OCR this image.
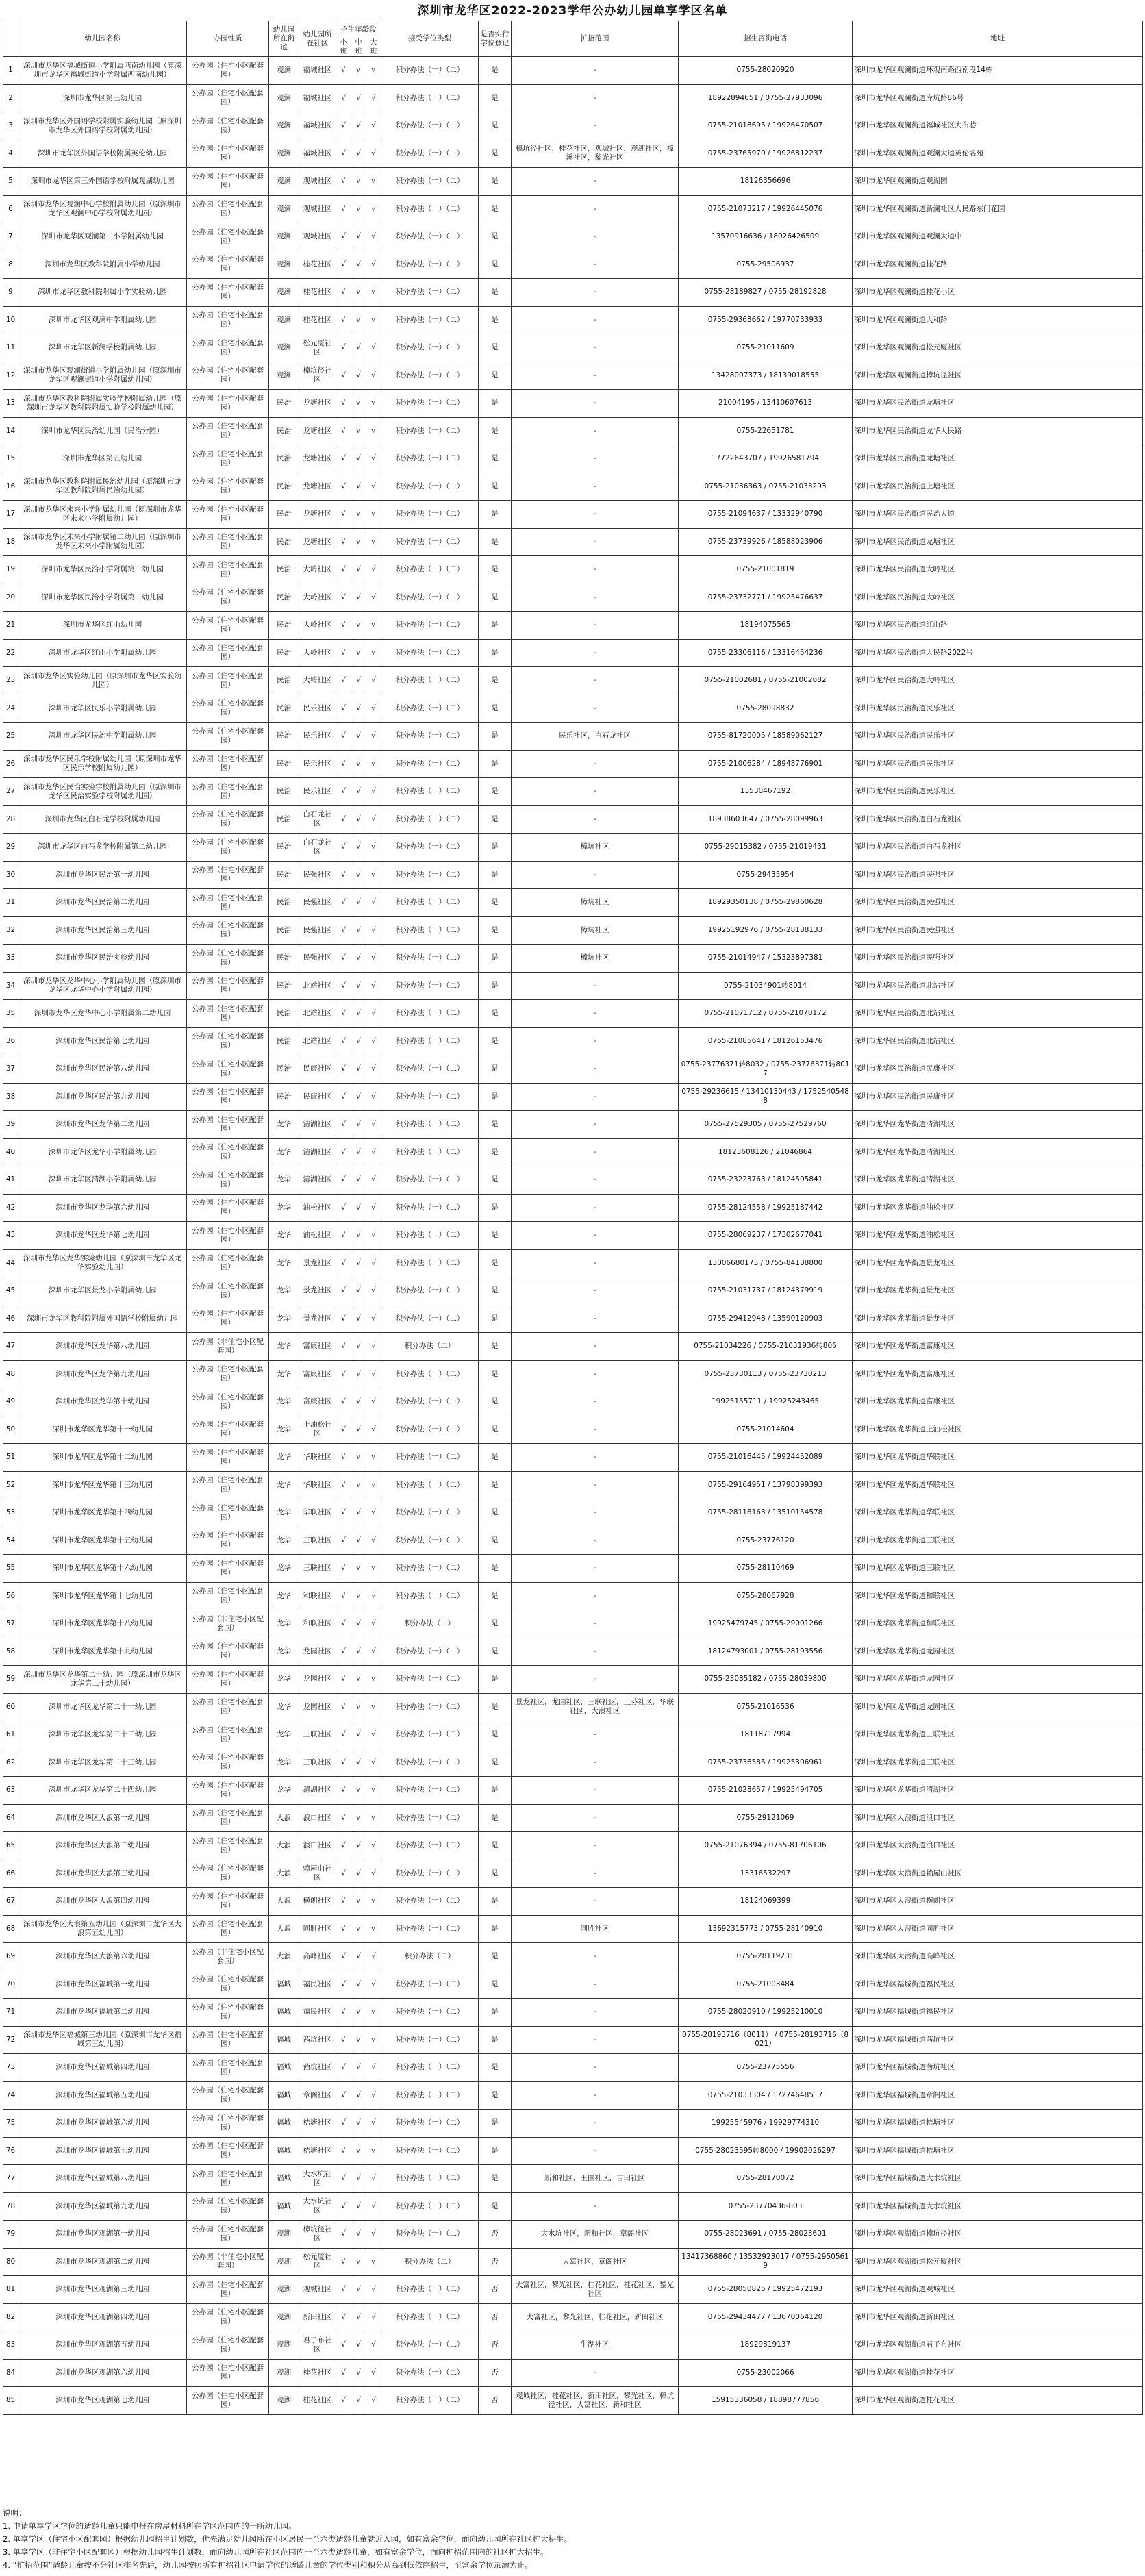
深圳市龙华区2022-2023学年公办幼儿园单享学区名单
	幼儿园名称	办园性质	幼儿园所在街道	幼儿园所在社区	招生年龄段			接受学位类型	是否实行学位登记	扩招范围	招生咨询电话	地址
					小班	中班	大班					
1	深圳市龙华区福城街道小学附属西南幼儿园（原深圳市龙华区福城街道小学附属西南幼儿园）	公办园（住宅小区配套园）	观澜	福城社区	√	√	√	积分办法（一）（二）	是	-	0755-28020920	深圳市龙华区观澜街道环观南路西南段14栋
2	深圳市龙华区第三幼儿园	公办园（住宅小区配套园）	观澜	福城社区	√	√	√	积分办法（一）（二）	是	-	18922894651 / 0755-27933096	深圳市龙华区观澜街道库坑路86号
3	深圳市龙华区外国语学校附属实验幼儿园（原深圳市龙华区外国语学校附属幼儿园）	公办园（住宅小区配套园）	观澜	福城社区	√	√	√	积分办法（一）（二）	是	-	0755-21018695 / 19926470507	深圳市龙华区观澜街道福城社区大布巷
4	深圳市龙华区外国语学校附属英伦幼儿园	公办园（住宅小区配套园）	观澜	福城社区	√	√	√	积分办法（一）（二）	是	樟坑径社区，桂花社区，观城社区，观湖社区，樟溪社区，黎光社区	0755-23765970 / 19926812237	深圳市龙华区观澜街道观澜大道英伦名苑
5	深圳市龙华区第三外国语学校附属观湖幼儿园	公办园（住宅小区配套园）	观澜	观城社区	√	√	√	积分办法（一）（二）	是	-	18126356696	深圳市龙华区观澜街道观湖园
6	深圳市龙华区观澜中心学校附属幼儿园（原深圳市龙华区观澜中心学校附属幼儿园）	公办园（住宅小区配套园）	观澜	观城社区	√	√	√	积分办法（一）（二）	是	-	0755-21073217 / 19926445076	深圳市龙华区观澜街道新澜社区人民路东门花园
7	深圳市龙华区观澜第二小学附属幼儿园	公办园（住宅小区配套园）	观澜	观城社区	√	√	√	积分办法（一）（二）	是	-	13570916636 / 18026426509	深圳市龙华区观澜街道观澜大道中
8	深圳市龙华区教科院附属小学幼儿园	公办园（住宅小区配套园）	观澜	桂花社区	√	√	√	积分办法（一）（二）	是	-	0755-29506937	深圳市龙华区观澜街道桂花路
9	深圳市龙华区教科院附属小学实验幼儿园	公办园（住宅小区配套园）	观澜	桂花社区	√	√	√	积分办法（一）（二）	是	-	0755-28189827 / 0755-28192828	深圳市龙华区观澜街道桂花小区
10	深圳市龙华区观澜中学附属幼儿园	公办园（住宅小区配套园）	观澜	桂花社区	√	√	√	积分办法（一）（二）	是	-	0755-29363662 / 19770733933	深圳市龙华区观澜街道大和路
11	深圳市龙华区新澜学校附属幼儿园	公办园（住宅小区配套园）	观澜	松元厦社区	√	√	√	积分办法（一）（二）	是	-	0755-21011609	深圳市龙华区观澜街道松元厦社区
12	深圳市龙华区观澜街道小学附属幼儿园（原深圳市龙华区观澜街道小学附属幼儿园）	公办园（住宅小区配套园）	观澜	樟坑径社区	√	√	√	积分办法（一）（二）	是	-	13428007373 / 18139018555	深圳市龙华区观澜街道樟坑径社区
13	深圳市龙华区教科院附属实验学校附属幼儿园（原深圳市龙华区教科院附属实验学校附属幼儿园）	公办园（住宅小区配套园）	民治	龙塘社区	√	√	√	积分办法（一）（二）	是	-	21004195 / 13410607613	深圳市龙华区民治街道龙塘社区
14	深圳市龙华区民治幼儿园（民治分园）	公办园（住宅小区配套园）	民治	龙塘社区	√	√	√	积分办法（一）（二）	是	-	0755-22651781	深圳市龙华区民治街道龙华人民路
15	深圳市龙华区第五幼儿园	公办园（住宅小区配套园）	民治	龙塘社区	√	√	√	积分办法（一）（二）	是	-	17722643707 / 19926581794	深圳市龙华区民治街道龙塘社区
16	深圳市龙华区教科院附属民治幼儿园（原深圳市龙华区教科院附属民治幼儿园）	公办园（住宅小区配套园）	民治	龙塘社区	√	√	√	积分办法（一）（二）	是	-	0755-21036363 / 0755-21033293	深圳市龙华区民治街道上塘社区
17	深圳市龙华区未来小学附属幼儿园（原深圳市龙华区未来小学附属幼儿园）	公办园（住宅小区配套园）	民治	龙塘社区	√	√	√	积分办法（一）（二）	是	-	0755-21094637 / 13332940790	深圳市龙华区民治街道民治大道
18	深圳市龙华区未来小学附属第二幼儿园（原深圳市龙华区未来小学附属幼儿园）	公办园（住宅小区配套园）	民治	龙塘社区	√	√	√	积分办法（一）（二）	是	-	0755-23739926 / 18588023906	深圳市龙华区民治街道龙塘社区
19	深圳市龙华区民治小学附属第一幼儿园	公办园（住宅小区配套园）	民治	大岭社区	√	√	√	积分办法（一）（二）	是	-	0755-21001819	深圳市龙华区民治街道大岭社区
20	深圳市龙华区民治小学附属第二幼儿园	公办园（住宅小区配套园）	民治	大岭社区	√	√	√	积分办法（一）（二）	是	-	0755-23732771 / 19925476637	深圳市龙华区民治街道大岭社区
21	深圳市龙华区红山幼儿园	公办园（住宅小区配套园）	民治	大岭社区	√	√	√	积分办法（一）（二）	是	-	18194075565	深圳市龙华区民治街道红山路
22	深圳市龙华区红山小学附属幼儿园	公办园（住宅小区配套园）	民治	大岭社区	√	√	√	积分办法（一）（二）	是	-	0755-23306116 / 13316454236	深圳市龙华区民治街道人民路2022号
23	深圳市龙华区实验幼儿园（原深圳市龙华区实验幼儿园）	公办园（住宅小区配套园）	民治	大岭社区	√	√	√	积分办法（一）（二）	是	-	0755-21002681 / 0755-21002682	深圳市龙华区民治街道大岭社区
24	深圳市龙华区民乐小学附属幼儿园	公办园（住宅小区配套园）	民治	民乐社区	√	√	√	积分办法（一）（二）	是	-	0755-28098832	深圳市龙华区民治街道民乐社区
25	深圳市龙华区民治中学附属幼儿园	公办园（住宅小区配套园）	民治	民乐社区	√	√	√	积分办法（一）（二）	是	民乐社区，白石龙社区	0755-81720005 / 18589062127	深圳市龙华区民治街道民乐社区
26	深圳市龙华区民乐学校附属幼儿园（原深圳市龙华区民乐学校附属幼儿园）	公办园（住宅小区配套园）	民治	民乐社区	√	√	√	积分办法（一）（二）	是	-	0755-21006284 / 18948776901	深圳市龙华区民治街道民乐社区
27	深圳市龙华区民治实验学校附属幼儿园（原深圳市龙华区民治实验学校附属幼儿园）	公办园（住宅小区配套园）	民治	民乐社区	√	√	√	积分办法（一）（二）	是	-	13530467192	深圳市龙华区民治街道民乐社区
28	深圳市龙华区白石龙学校附属幼儿园	公办园（住宅小区配套园）	民治	白石龙社区	√	√	√	积分办法（一）（二）	是	-	18938603647 / 0755-28099963	深圳市龙华区民治街道白石龙社区
29	深圳市龙华区白石龙学校附属第二幼儿园	公办园（住宅小区配套园）	民治	白石龙社区	√	√	√	积分办法（一）（二）	是	樟坑社区	0755-29015382 / 0755-21019431	深圳市龙华区民治街道白石龙社区
30	深圳市龙华区民治第一幼儿园	公办园（住宅小区配套园）	民治	民强社区	√	√	√	积分办法（一）（二）	是	-	0755-29435954	深圳市龙华区民治街道民强社区
31	深圳市龙华区民治第二幼儿园	公办园（住宅小区配套园）	民治	民强社区	√	√	√	积分办法（一）（二）	是	樟坑社区	18929350138 / 0755-29860628	深圳市龙华区民治街道民强社区
32	深圳市龙华区民治第三幼儿园	公办园（住宅小区配套园）	民治	民强社区	√	√	√	积分办法（一）（二）	是	樟坑社区	19925192976 / 0755-28188133	深圳市龙华区民治街道民强社区
33	深圳市龙华区民治实验幼儿园	公办园（住宅小区配套园）	民治	民强社区	√	√	√	积分办法（一）（二）	是	樟坑社区	0755-21014947 / 15323897381	深圳市龙华区民治街道民强社区
34	深圳市龙华区龙华中心小学附属幼儿园（原深圳市龙华区龙华中心小学附属幼儿园）	公办园（住宅小区配套园）	民治	北站社区	√	√	√	积分办法（一）（二）	是	-	0755-21034901转8014	深圳市龙华区民治街道北站社区
35	深圳市龙华区龙华中心小学附属第二幼儿园	公办园（住宅小区配套园）	民治	北站社区	√	√	√	积分办法（一）（二）	是	-	0755-21071712 / 0755-21070172	深圳市龙华区民治街道北站社区
36	深圳市龙华区民治第七幼儿园	公办园（住宅小区配套园）	民治	北站社区	√	√	√	积分办法（一）（二）	是	-	0755-21085641 / 18126153476	深圳市龙华区民治街道北站社区
37	深圳市龙华区民治第八幼儿园	公办园（住宅小区配套园）	民治	民康社区	√	√	√	积分办法（一）（二）	是	-	0755-23776371转8032 / 0755-23776371转8017	深圳市龙华区民治街道民康社区
38	深圳市龙华区民治第九幼儿园	公办园（住宅小区配套园）	民治	民康社区	√	√	√	积分办法（一）（二）	是	-	0755-29236615 / 13410130443 / 17525405488	深圳市龙华区民治街道民康社区
39	深圳市龙华区龙华第二幼儿园	公办园（住宅小区配套园）	龙华	清湖社区	√	√	√	积分办法（一）（二）	是	-	0755-27529305 / 0755-27529760	深圳市龙华区龙华街道清湖社区
40	深圳市龙华区龙华小学附属幼儿园	公办园（住宅小区配套园）	龙华	清湖社区	√	√	√	积分办法（一）（二）	是	-	18123608126 / 21046864	深圳市龙华区龙华街道清湖社区
41	深圳市龙华区清湖小学附属幼儿园	公办园（住宅小区配套园）	龙华	清湖社区	√	√	√	积分办法（一）（二）	是	-	0755-23223763 / 18124505841	深圳市龙华区龙华街道清湖社区
42	深圳市龙华区龙华第六幼儿园	公办园（住宅小区配套园）	龙华	油松社区	√	√	√	积分办法（一）（二）	是	-	0755-28124558 / 19925187442	深圳市龙华区龙华街道油松社区
43	深圳市龙华区龙华第七幼儿园	公办园（住宅小区配套园）	龙华	油松社区	√	√	√	积分办法（一）（二）	是	-	0755-28069237 / 17302677041	深圳市龙华区龙华街道油松社区
44	深圳市龙华区龙华实验幼儿园（原深圳市龙华区龙华实验幼儿园）	公办园（住宅小区配套园）	龙华	景龙社区	√	√	√	积分办法（一）（二）	是	-	13006680173 / 0755-84188800	深圳市龙华区龙华街道景龙社区
45	深圳市龙华区景龙小学附属幼儿园	公办园（住宅小区配套园）	龙华	景龙社区	√	√	√	积分办法（一）（二）	是	-	0755-21031737 / 18124379919	深圳市龙华区龙华街道景龙社区
46	深圳市龙华区教科院附属外国语学校附属幼儿园	公办园（住宅小区配套园）	龙华	景龙社区	√	√	√	积分办法（一）（二）	是	-	0755-29412948 / 13590120903	深圳市龙华区龙华街道景龙社区
47	深圳市龙华区龙华第八幼儿园	公办园（非住宅小区配套园）	龙华	富康社区	√	√	√	积分办法（二）	是	-	0755-21034226 / 0755-21031936转806	深圳市龙华区龙华街道富康社区
48	深圳市龙华区龙华第九幼儿园	公办园（住宅小区配套园）	龙华	富康社区	√	√	√	积分办法（一）（二）	是	-	0755-23730113 / 0755-23730213	深圳市龙华区龙华街道富康社区
49	深圳市龙华区龙华第十幼儿园	公办园（住宅小区配套园）	龙华	富康社区	√	√	√	积分办法（一）（二）	是	-	19925155711 / 19925243465	深圳市龙华区龙华街道富康社区
50	深圳市龙华区龙华第十一幼儿园	公办园（住宅小区配套园）	龙华	上油松社区	√	√	√	积分办法（一）（二）	是	-	0755-21014604	深圳市龙华区龙华街道上油松社区
51	深圳市龙华区龙华第十二幼儿园	公办园（住宅小区配套园）	龙华	华联社区	√	√	√	积分办法（一）（二）	是	-	0755-21016445 / 19924452089	深圳市龙华区龙华街道华联社区
52	深圳市龙华区龙华第十三幼儿园	公办园（住宅小区配套园）	龙华	华联社区	√	√	√	积分办法（一）（二）	是	-	0755-29164951 / 13798399393	深圳市龙华区龙华街道华联社区
53	深圳市龙华区龙华第十四幼儿园	公办园（住宅小区配套园）	龙华	华联社区	√	√	√	积分办法（一）（二）	是	-	0755-28116163 / 13510154578	深圳市龙华区龙华街道华联社区
54	深圳市龙华区龙华第十五幼儿园	公办园（住宅小区配套园）	龙华	三联社区	√	√	√	积分办法（一）（二）	是	-	0755-23776120	深圳市龙华区龙华街道三联社区
55	深圳市龙华区龙华第十六幼儿园	公办园（住宅小区配套园）	龙华	三联社区	√	√	√	积分办法（一）（二）	是	-	0755-28110469	深圳市龙华区龙华街道三联社区
56	深圳市龙华区龙华第十七幼儿园	公办园（住宅小区配套园）	龙华	和联社区	√	√	√	积分办法（一）（二）	是	-	0755-28067928	深圳市龙华区龙华街道和联社区
57	深圳市龙华区龙华第十八幼儿园	公办园（非住宅小区配套园）	龙华	和联社区	√	√	√	积分办法（二）	是	-	19925479745 / 0755-29001266	深圳市龙华区龙华街道和联社区
58	深圳市龙华区龙华第十九幼儿园	公办园（住宅小区配套园）	龙华	龙园社区	√	√	√	积分办法（一）（二）	是	-	18124793001 / 0755-28193556	深圳市龙华区龙华街道龙园社区
59	深圳市龙华区龙华第二十幼儿园（原深圳市龙华区龙华第二十幼儿园）	公办园（住宅小区配套园）	龙华	龙园社区	√	√	√	积分办法（一）（二）	是	-	0755-23085182 / 0755-28039800	深圳市龙华区龙华街道龙园社区
60	深圳市龙华区龙华第二十一幼儿园	公办园（住宅小区配套园）	龙华	龙园社区	√	√	√	积分办法（一）（二）	是	景龙社区，龙园社区，三联社区，上芬社区，华联社区，大浪社区	0755-21016536	深圳市龙华区龙华街道龙园社区
61	深圳市龙华区龙华第二十二幼儿园	公办园（住宅小区配套园）	龙华	三联社区	√	√	√	积分办法（一）（二）	是	-	18118717994	深圳市龙华区龙华街道三联社区
62	深圳市龙华区龙华第二十三幼儿园	公办园（住宅小区配套园）	龙华	三联社区	√	√	√	积分办法（一）（二）	是	-	0755-23736585 / 19925306961	深圳市龙华区龙华街道三联社区
63	深圳市龙华区龙华第二十四幼儿园	公办园（住宅小区配套园）	龙华	清湖社区	√	√	√	积分办法（一）（二）	是	-	0755-21028657 / 19925494705	深圳市龙华区龙华街道清湖社区
64	深圳市龙华区大浪第一幼儿园	公办园（住宅小区配套园）	大浪	浪口社区	√	√	√	积分办法（一）（二）	是	-	0755-29121069	深圳市龙华区大浪街道浪口社区
65	深圳市龙华区大浪第二幼儿园	公办园（住宅小区配套园）	大浪	浪口社区	√	√	√	积分办法（一）（二）	是	-	0755-21076394 / 0755-81706106	深圳市龙华区大浪街道浪口社区
66	深圳市龙华区大浪第三幼儿园	公办园（住宅小区配套园）	大浪	赖屋山社区	√	√	√	积分办法（一）（二）	是	-	13316532297	深圳市龙华区大浪街道赖屋山社区
67	深圳市龙华区大浪第四幼儿园	公办园（住宅小区配套园）	大浪	横朗社区	√	√	√	积分办法（一）（二）	是	-	18124069399	深圳市龙华区大浪街道横朗社区
68	深圳市龙华区大浪第五幼儿园（原深圳市龙华区大浪第五幼儿园）	公办园（住宅小区配套园）	大浪	同胜社区	√	√	√	积分办法（一）（二）	是	同胜社区	13692315773 / 0755-28140910	深圳市龙华区大浪街道同胜社区
69	深圳市龙华区大浪第六幼儿园	公办园（非住宅小区配套园）	大浪	高峰社区	√	√	√	积分办法（二）	是	-	0755-28119231	深圳市龙华区大浪街道高峰社区
70	深圳市龙华区福城第一幼儿园	公办园（住宅小区配套园）	福城	福民社区	√	√	√	积分办法（一）（二）	是	-	0755-21003484	深圳市龙华区福城街道福民社区
71	深圳市龙华区福城第二幼儿园	公办园（住宅小区配套园）	福城	福民社区	√	√	√	积分办法（一）（二）	是	-	0755-28020910 / 19925210010	深圳市龙华区福城街道福民社区
72	深圳市龙华区福城第三幼儿园（原深圳市龙华区福城第三幼儿园）	公办园（住宅小区配套园）	福城	茜坑社区	√	√	√	积分办法（一）（二）	是	-	0755-28193716（8011） / 0755-28193716（8021）	深圳市龙华区福城街道茜坑社区
73	深圳市龙华区福城第四幼儿园	公办园（住宅小区配套园）	福城	茜坑社区	√	√	√	积分办法（一）（二）	是	-	0755-23775556	深圳市龙华区福城街道茜坑社区
74	深圳市龙华区福城第五幼儿园	公办园（住宅小区配套园）	福城	章阁社区	√	√	√	积分办法（一）（二）	是	-	0755-21033304 / 17274648517	深圳市龙华区福城街道章阁社区
75	深圳市龙华区福城第六幼儿园	公办园（住宅小区配套园）	福城	桔塘社区	√	√	√	积分办法（一）（二）	是	-	19925545976 / 19929774310	深圳市龙华区福城街道桔塘社区
76	深圳市龙华区福城第七幼儿园	公办园（住宅小区配套园）	福城	桔塘社区	√	√	√	积分办法（一）（二）	是	-	0755-28023595转8000 / 19902026297	深圳市龙华区福城街道桔塘社区
77	深圳市龙华区福城第八幼儿园	公办园（住宅小区配套园）	福城	大水坑社区	√	√	√	积分办法（一）（二）	是	新和社区，王围社区，吉田社区	0755-28170072	深圳市龙华区福城街道大水坑社区
78	深圳市龙华区福城第九幼儿园	公办园（住宅小区配套园）	福城	大水坑社区	√	√	√	积分办法（一）（二）	是	-	0755-23770436-803	深圳市龙华区福城街道大水坑社区
79	深圳市龙华区观湖第一幼儿园	公办园（住宅小区配套园）	观湖	樟坑径社区	√	√	√	积分办法（一）（二）	否	大水坑社区，新和社区，章阁社区	0755-28023691 / 0755-28023601	深圳市龙华区观湖街道樟坑径社区
80	深圳市龙华区观湖第二幼儿园	公办园（非住宅小区配套园）	观湖	松元厦社区	√	√	√	积分办法（二）	否	大富社区，章阁社区	13417368860 / 13532923017 / 0755-29505619	深圳市龙华区观湖街道松元厦社区
81	深圳市龙华区观湖第三幼儿园	公办园（住宅小区配套园）	观湖	观城社区	√	√	√	积分办法（一）（二）	否	大富社区，黎光社区，桂花社区，桂花社区，黎光社区	0755-28050825 / 19925472193	深圳市龙华区观湖街道观城社区
82	深圳市龙华区观湖第四幼儿园	公办园（住宅小区配套园）	观湖	新田社区	√	√	√	积分办法（一）（二）	否	大富社区，黎光社区，桂花社区，新田社区	0755-29434477 / 13670064120	深圳市龙华区观湖街道新田社区
83	深圳市龙华区观湖第五幼儿园	公办园（住宅小区配套园）	观湖	君子布社区	√	√	√	积分办法（一）（二）	否	牛湖社区	18929319137	深圳市龙华区观湖街道君子布社区
84	深圳市龙华区观湖第六幼儿园	公办园（住宅小区配套园）	观湖	桂花社区	√	√	√	积分办法（一）（二）	否	-	0755-23002066	深圳市龙华区观湖街道桂花社区
85	深圳市龙华区观湖第七幼儿园	公办园（住宅小区配套园）	观湖	桂花社区	√	√	√	积分办法（一）（二）	否	观城社区，桂花社区，新田社区，黎光社区，樟坑径社区，大富社区，新和社区	15915336058 / 18898777856	深圳市龙华区观湖街道桂花社区
说明：
1. 申请单享学区学位的适龄儿童只能申报在房屋材料所在学区范围内的一所幼儿园。
2. 单享学区（住宅小区配套园）根据幼儿园招生计划数，优先满足幼儿园所在小区居民一至六类适龄儿童就近入园，如有富余学位，面向幼儿园所在社区扩大招生。
3. 单享学区（非住宅小区配套园）根据幼儿园招生计划数，面向幼儿园所在社区范围内一至六类适龄儿童，如有富余学位，面向扩招范围内的社区扩大招生。
4. “扩招范围”适龄儿童按不分社区排名先后，幼儿园按照所有扩招社区申请学位的适龄儿童的学位类别和积分从高到低依序招生，至富余学位录满为止。
